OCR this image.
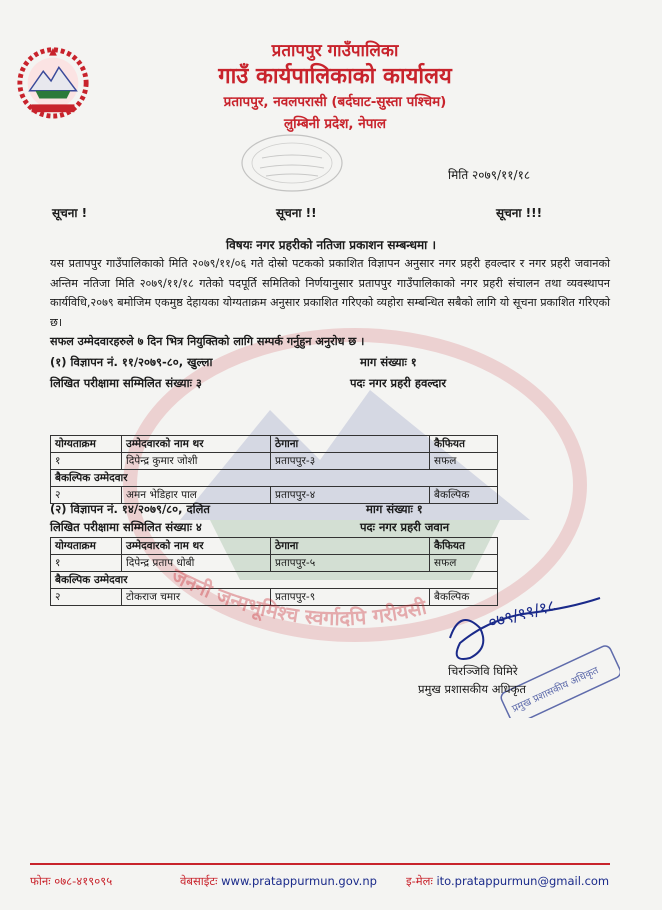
प्रतापपुर गाउँपालिका
गाउँ कार्यपालिकाको कार्यालय
प्रतापपुर, नवलपरासी (बर्दघाट-सुस्ता पश्चिम)
लुम्बिनी प्रदेश, नेपाल
मिति २०७९/११/१८
सूचना !	सूचना !!	सूचना !!!
विषयः नगर प्रहरीको नतिजा प्रकाशन सम्बन्धमा ।
यस प्रतापपुर गाउँपालिकाको मिति २०७९/११/०६ गते दोस्रो पटकको प्रकाशित विज्ञापन अनुसार नगर प्रहरी हवल्दार र नगर प्रहरी जवानको अन्तिम नतिजा मिति २०७९/११/१८ गतेको पदपूर्ति समितिको निर्णयानुसार प्रतापपुर गाउँपालिकाको नगर प्रहरी संचालन तथा व्यवस्थापन कार्यविधि,२०७९ बमोजिम एकमुष्ठ देहायका योग्यताक्रम अनुसार प्रकाशित गरिएको व्यहोरा सम्बन्धित सबैको लागि यो सूचना प्रकाशित गरिएको छ।
सफल उम्मेदवारहरुले ७ दिन भित्र नियुक्तिको लागि सम्पर्क गर्नुहुन अनुरोध छ ।
(१) विज्ञापन नं. ११/२०७९-८०, खुल्ला	माग संख्याः १
लिखित परीक्षामा सम्मिलित संख्याः ३	पदः नगर प्रहरी हवल्दार
योग्यताक्रम	उम्मेदवारको नाम थर	ठेगाना	कैफियत
१	दिपेन्द्र कुमार जोशी	प्रतापपुर-३	सफल
बैकल्पिक उम्मेदवार			
२	अमन भेडिहार पाल	प्रतापपुर-४	बैकल्पिक
(२) विज्ञापन नं. १४/२०७९/८०, दलित	माग संख्याः १
लिखित परीक्षामा सम्मिलित संख्याः ४	पदः नगर प्रहरी जवान
योग्यताक्रम	उम्मेदवारको नाम थर	ठेगाना	कैफियत
१	दिपेन्द्र प्रताप धोबी	प्रतापपुर-५	सफल
बैकल्पिक उम्मेदवार			
२	टोकराज चमार	प्रतापपुर-९	बैकल्पिक
जननी जन्मभूमिश्च स्वर्गादपि गरीयसी	०७९/११/१८
प्रमुख प्रशासकीय अधिकृत
चिरञ्जिवि घिमिरे
प्रमुख प्रशासकीय अधिकृत
फोनः ०७८-४१९०९५	वेबसाईटः www.pratappurmun.gov.np	इ-मेलः ito.pratappurmun@gmail.com
